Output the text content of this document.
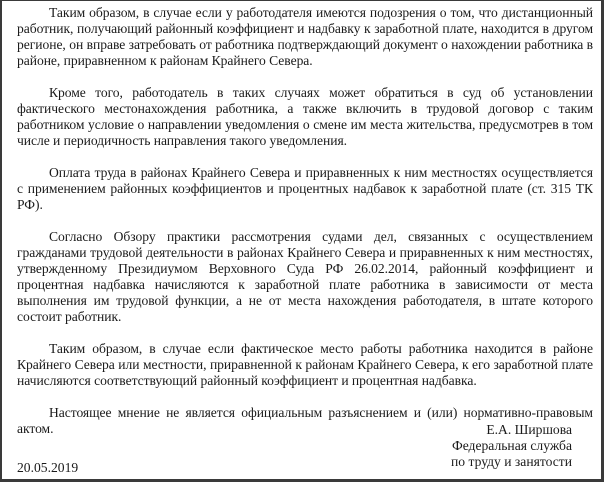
Таким образом, в случае если у работодателя имеются подозрения о том, что дистанционный работник, получающий районный коэффициент и надбавку к заработной плате, находится в другом регионе, он вправе затребовать от работника подтверждающий документ о нахождении работника в районе, приравненном к районам Крайнего Севера.

Кроме того, работодатель в таких случаях может обратиться в суд об установлении фактического местонахождения работника, а также включить в трудовой договор с таким работником условие о направлении уведомления о смене им места жительства, предусмотрев в том числе и периодичность направления такого уведомления.

Оплата труда в районах Крайнего Севера и приравненных к ним местностях осуществляется с применением районных коэффициентов и процентных надбавок к заработной плате (ст. 315 ТК РФ).

Согласно Обзору практики рассмотрения судами дел, связанных с осуществлением гражданами трудовой деятельности в районах Крайнего Севера и приравненных к ним местностях, утвержденному Президиумом Верховного Суда РФ 26.02.2014, районный коэффициент и процентная надбавка начисляются к заработной плате работника в зависимости от места выполнения им трудовой функции, а не от места нахождения работодателя, в штате которого состоит работник.

Таким образом, в случае если фактическое место работы работника находится в районе Крайнего Севера или местности, приравненной к районам Крайнего Севера, к его заработной плате начисляются соответствующий районный коэффициент и процентная надбавка.

Настоящее мнение не является официальным разъяснением и (или) нормативно-правовым актом.	Е.А. Ширшова
Федеральная служба
по труду и занятости
20.05.2019
